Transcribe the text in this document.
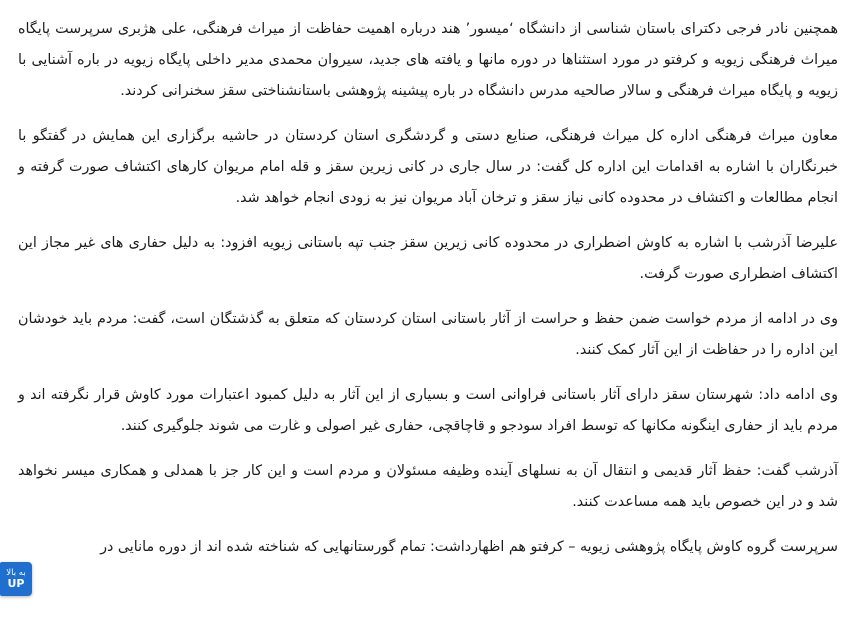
همچنین نادر فرجی دکترای باستان شناسی از دانشگاه ‘میسور’ هند درباره اهمیت حفاظت از میراث فرهنگی، علی هژبری سرپرست پایگاه میراث فرهنگی زیویه و کرفتو در مورد استثناها در دوره مانها و یافته های جدید، سیروان محمدی مدیر داخلی پایگاه زیویه در باره آشنایی با زیویه و پایگاه میراث فرهنگی و سالار صالحیه مدرس دانشگاه در باره پیشینه پژوهشی باستانشناختی سقز سخنرانی کردند.

معاون میراث فرهنگی اداره کل میراث فرهنگی، صنایع دستی و گردشگری استان کردستان در حاشیه برگزاری این همایش در گفتگو با خبرنگاران با اشاره به اقدامات این اداره کل گفت: در سال جاری در کانی زیرین سقز و قله امام مریوان کارهای اکتشاف صورت گرفته و انجام مطالعات و اکتشاف در محدوده کانی نیاز سقز و ترخان آباد مریوان نیز به زودی انجام خواهد شد.

علیرضا آذرشب با اشاره به کاوش اضطراری در محدوده کانی زیرین سقز جنب تپه باستانی زیویه افزود: به دلیل حفاری های غیر مجاز این اکتشاف اضطراری صورت گرفت.

وی در ادامه از مردم خواست ضمن حفظ و حراست از آثار باستانی استان کردستان که متعلق به گذشتگان است، گفت: مردم باید خودشان این اداره را در حفاظت از این آثار کمک کنند.

وی ادامه داد: شهرستان سقز دارای آثار باستانی فراوانی است و بسیاری از این آثار به دلیل کمبود اعتبارات مورد کاوش قرار نگرفته اند و مردم باید از حفاری اینگونه مکانها که توسط افراد سودجو و قاچاقچی، حفاری غیر اصولی و غارت می شوند جلوگیری کنند.

آذرشب گفت: حفظ آثار قدیمی و انتقال آن به نسلهای آینده وظیفه مسئولان و مردم است و این کار جز با همدلی و همکاری میسر نخواهد شد و در این خصوص باید همه مساعدت کنند.

سرپرست گروه کاوش پایگاه پژوهشی زیویه – کرفتو هم اظهارداشت: تمام گورستانهایی که شناخته شده اند از دوره مانایی در

به بالا
UP
